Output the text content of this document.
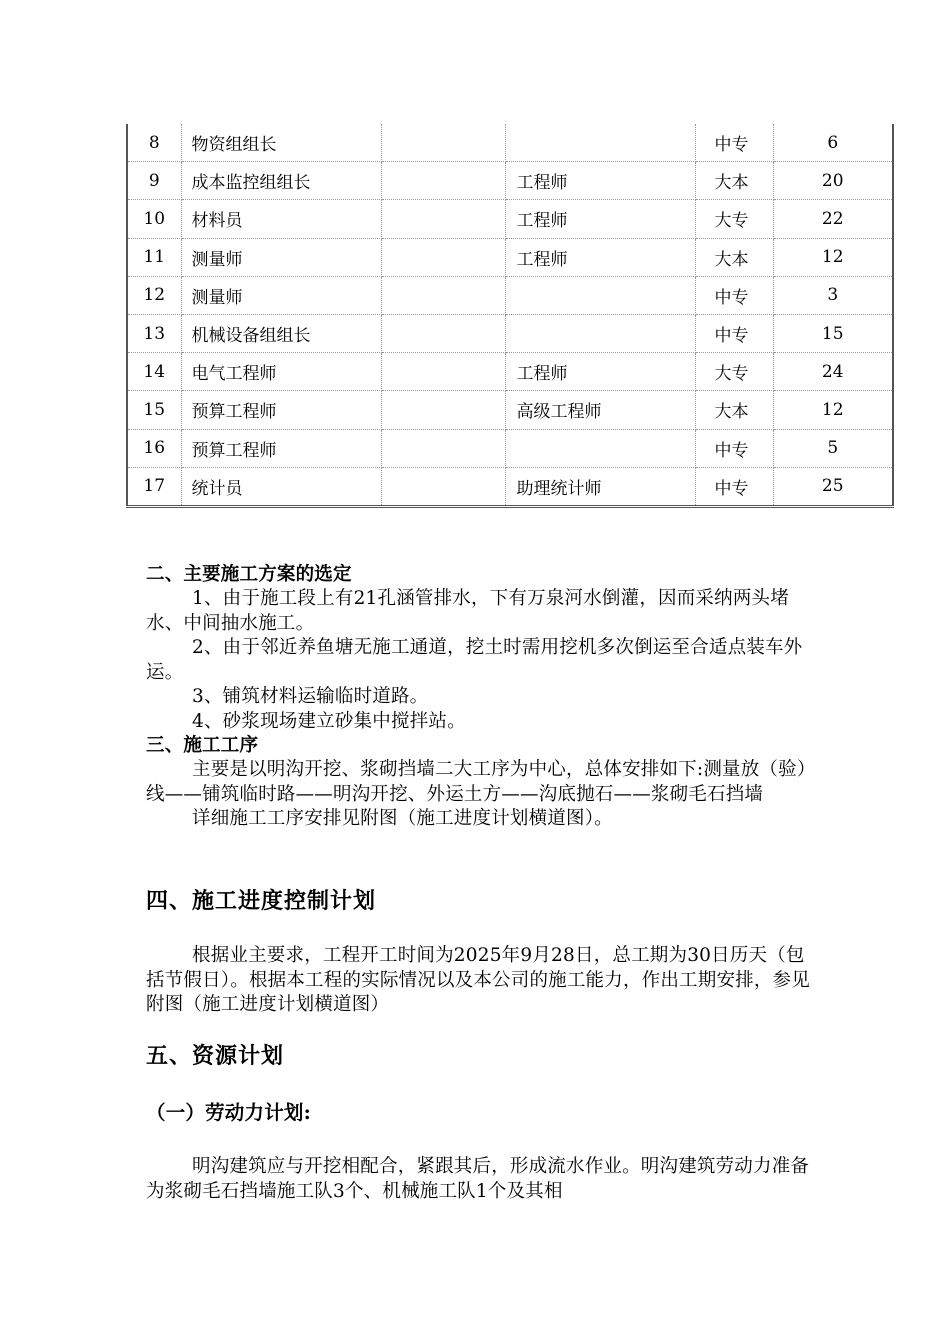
8	物资组组长			中专	6
9	成本监控组组长		工程师	大本	20
10	材料员		工程师	大专	22
11	测量师		工程师	大本	12
12	测量师			中专	3
13	机械设备组组长			中专	15
14	电气工程师		工程师	大专	24
15	预算工程师		高级工程师	大本	12
16	预算工程师			中专	5
17	统计员		助理统计师	中专	25
二、主要施工方案的选定

1、由于施工段上有21孔涵管排水，下有万泉河水倒灌，因而采纳两头堵水、中间抽水施工。

2、由于邻近养鱼塘无施工通道，挖土时需用挖机多次倒运至合适点装车外运。

3、铺筑材料运输临时道路。

4、砂浆现场建立砂集中搅拌站。

三、施工工序

主要是以明沟开挖、浆砌挡墙二大工序为中心，总体安排如下:测量放（验）线——铺筑临时路——明沟开挖、外运土方——沟底抛石——浆砌毛石挡墙

详细施工工序安排见附图（施工进度计划横道图）。

四、施工进度控制计划

根据业主要求，工程开工时间为2025年9月28日，总工期为30日历天（包括节假日）。根据本工程的实际情况以及本公司的施工能力，作出工期安排，参见附图（施工进度计划横道图）

五、资源计划
（一）劳动力计划:

明沟建筑应与开挖相配合，紧跟其后，形成流水作业。明沟建筑劳动力准备为浆砌毛石挡墙施工队3个、机械施工队1个及其相
